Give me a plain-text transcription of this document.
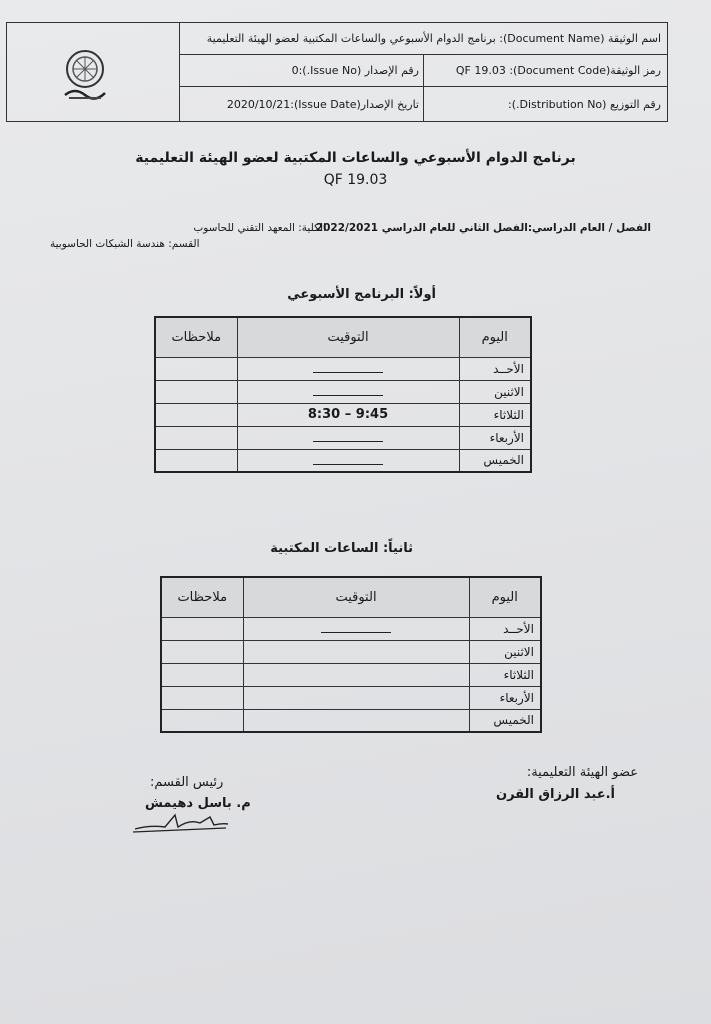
اسم الوثيقة (Document Name): برنامج الدوام الأسبوعي والساعات المكتبية لعضو الهيئة التعليمية
رمز الوثيقة(Document Code): QF 19.03
رقم الإصدار (Issue No.):0
رقم التوزيع (Distribution No.):
تاريخ الإصدار(Issue Date):2020/10/21
برنامج الدوام الأسبوعي والساعات المكتبية لعضو الهيئة التعليمية
QF 19.03
الفصل / العام الدراسي:الفصل الثاني للعام الدراسي 2022/2021
الكلية: المعهد التقني للحاسوب
القسم: هندسة الشبكات الحاسوبية
أولاً: البرنامج الأسبوعي
اليوم	التوقيت	ملاحظات
الأحــد		
الاثنين		
الثلاثاء	9:45 – 8:30	
الأربعاء		
الخميس		
ثانياً: الساعات المكتبية
اليوم	التوقيت	ملاحظات
الأحــد		
الاثنين		
الثلاثاء		
الأربعاء		
الخميس		
عضو الهيئة التعليمية:
أ.عبد الرزاق القرن
رئيس القسم:
م. باسل دهيمش
